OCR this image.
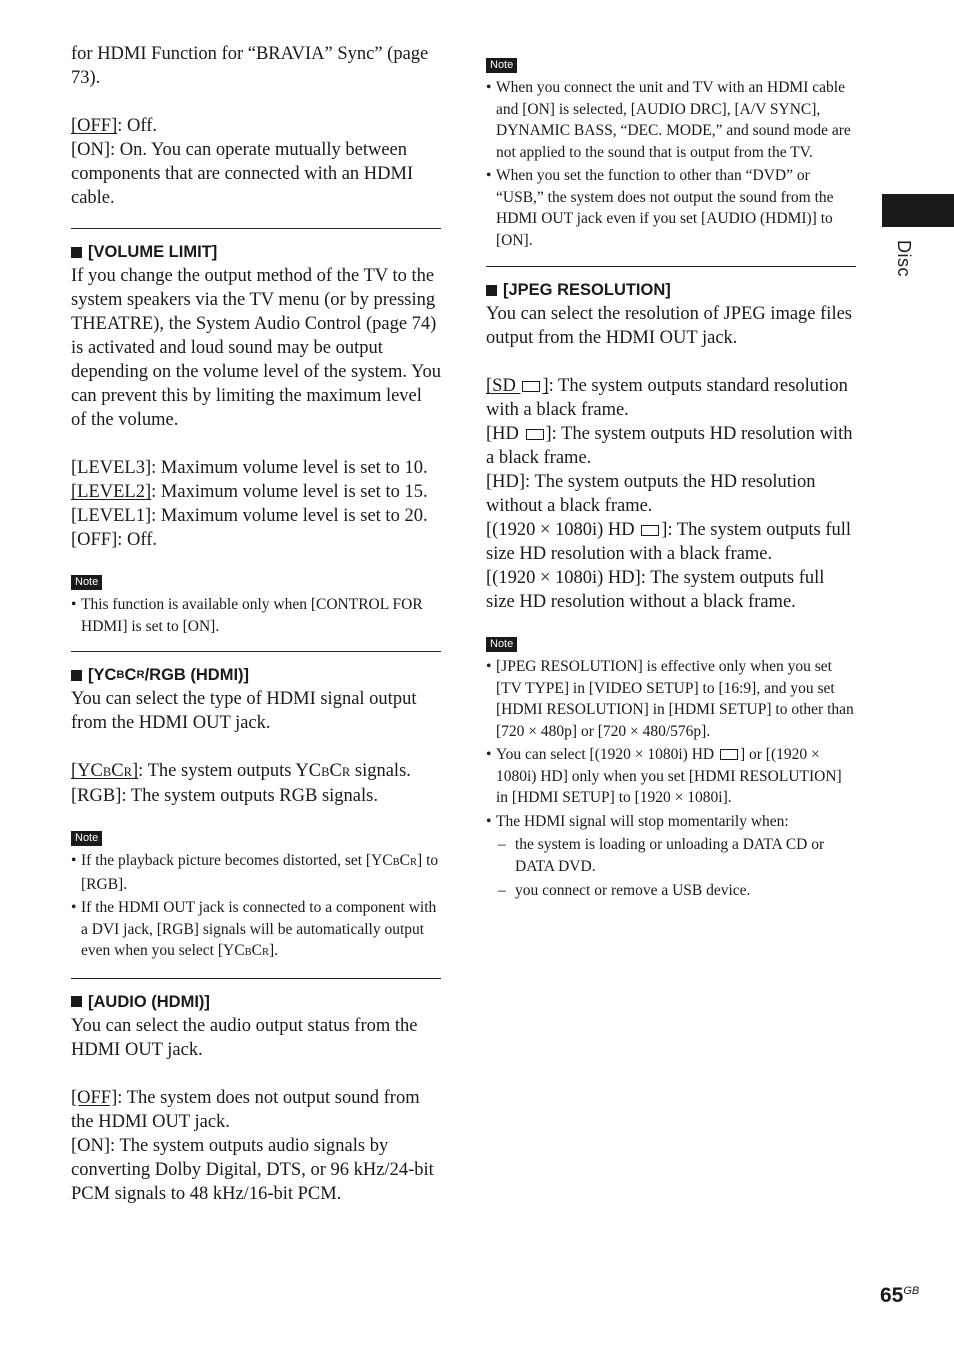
for HDMI Function for “BRAVIA” Sync” (page 73).

[OFF]: Off.

[ON]: On. You can operate mutually between components that are connected with an HDMI cable.

[VOLUME LIMIT]

If you change the output method of the TV to the system speakers via the TV menu (or by pressing THEATRE), the System Audio Control (page 74) is activated and loud sound may be output depending on the volume level of the system. You can prevent this by limiting the maximum level of the volume.

[LEVEL3]: Maximum volume level is set to 10.

[LEVEL2]: Maximum volume level is set to 15.

[LEVEL1]: Maximum volume level is set to 20.

[OFF]: Off.

Note
• This function is available only when [CONTROL FOR HDMI] is set to [ON].
[YC B C R /RGB (HDMI)]

You can select the type of HDMI signal output from the HDMI OUT jack.

[YCBCR]: The system outputs YCBCR signals.

[RGB]: The system outputs RGB signals.

Note
• If the playback picture becomes distorted, set [YCBCR] to [RGB].
• If the HDMI OUT jack is connected to a component with a DVI jack, [RGB] signals will be automatically output even when you select [YCBCR].
[AUDIO (HDMI)]

You can select the audio output status from the HDMI OUT jack.

[OFF]: The system does not output sound from the HDMI OUT jack.

[ON]: The system outputs audio signals by converting Dolby Digital, DTS, or 96 kHz/24-bit PCM signals to 48 kHz/16-bit PCM.

Note
• When you connect the unit and TV with an HDMI cable and [ON] is selected, [AUDIO DRC], [A/V SYNC], DYNAMIC BASS, “DEC. MODE,” and sound mode are not applied to the sound that is output from the TV.
• When you set the function to other than “DVD” or “USB,” the system does not output the sound from the HDMI OUT jack even if you set [AUDIO (HDMI)] to [ON].
[JPEG RESOLUTION]

You can select the resolution of JPEG image files output from the HDMI OUT jack.

[SD ]: The system outputs standard resolution with a black frame.

[HD ]: The system outputs HD resolution with a black frame.

[HD]: The system outputs the HD resolution without a black frame.

[(1920 × 1080i) HD ]: The system outputs full size HD resolution with a black frame.

[(1920 × 1080i) HD]: The system outputs full size HD resolution without a black frame.

Note
• [JPEG RESOLUTION] is effective only when you set [TV TYPE] in [VIDEO SETUP] to [16:9], and you set [HDMI RESOLUTION] in [HDMI SETUP] to other than [720 × 480p] or [720 × 480/576p].
• You can select [(1920 × 1080i) HD ] or [(1920 × 1080i) HD] only when you set [HDMI RESOLUTION] in [HDMI SETUP] to [1920 × 1080i].
• The HDMI signal will stop momentarily when:
– the system is loading or unloading a DATA CD or DATA DVD.
– you connect or remove a USB device.
Disc
$65^{GB}$
